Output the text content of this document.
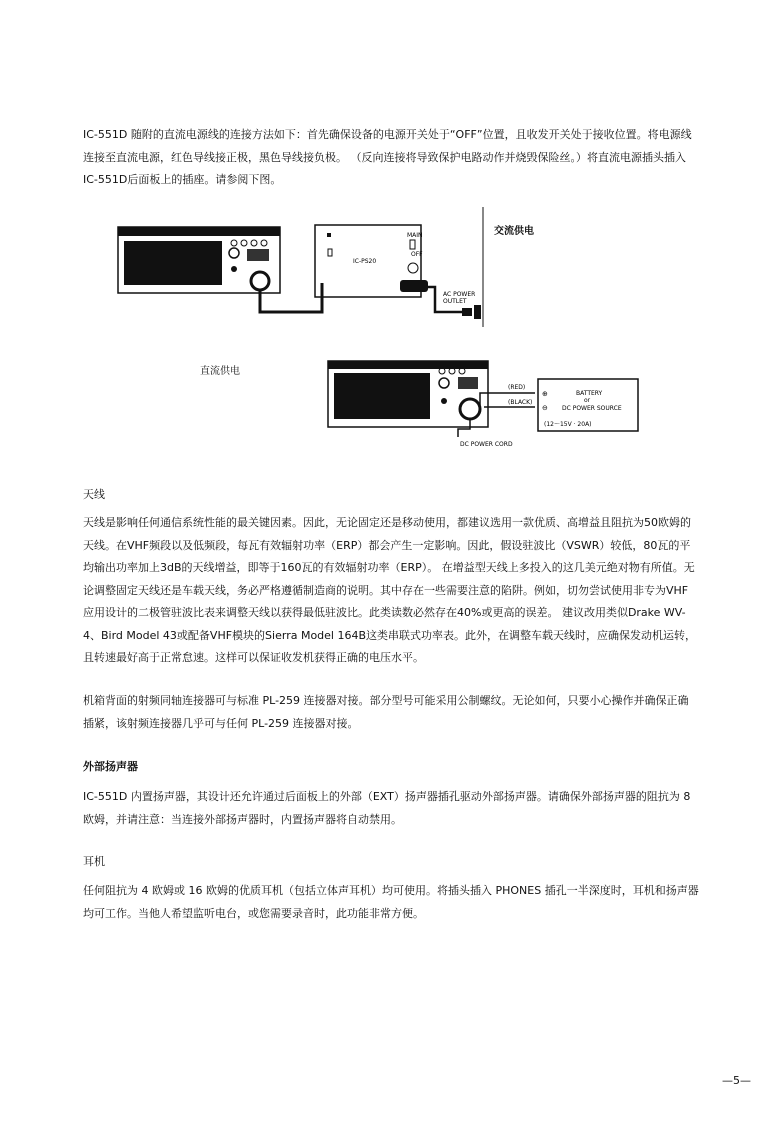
IC-551D 随附的直流电源线的连接方法如下：首先确保设备的电源开关处于“OFF”位置，且收发开关处于接收位置。将电源线连接至直流电源，红色导线接正极，黑色导线接负极。 （反向连接将导致保护电路动作并烧毁保险丝。）将直流电源插头插入IC-551D后面板上的插座。请参阅下图。

IC-PS20
MAIN
OFF
AC POWER
OUTLET

交流供电

直流供电

(RED)
(BLACK)
⊕
⊖
BATTERY
or
DC POWER SOURCE
(12～15V · 20A)
DC POWER CORD

天线

天线是影响任何通信系统性能的最关键因素。因此，无论固定还是移动使用，都建议选用一款优质、高增益且阻抗为50欧姆的天线。在VHF频段以及低频段，每瓦有效辐射功率（ERP）都会产生一定影响。因此，假设驻波比（VSWR）较低，80瓦的平均输出功率加上3dB的天线增益，即等于160瓦的有效辐射功率（ERP）。 在增益型天线上多投入的这几美元绝对物有所值。无论调整固定天线还是车载天线，务必严格遵循制造商的说明。其中存在一些需要注意的陷阱。例如，切勿尝试使用非专为VHF应用设计的二极管驻波比表来调整天线以获得最低驻波比。此类读数必然存在40%或更高的误差。 建议改用类似Drake WV-4、Bird Model 43或配备VHF模块的Sierra Model 164B这类串联式功率表。此外，在调整车载天线时，应确保发动机运转，且转速最好高于正常怠速。这样可以保证收发机获得正确的电压水平。

机箱背面的射频同轴连接器可与标准 PL-259 连接器对接。部分型号可能采用公制螺纹。无论如何，只要小心操作并确保正确插紧，该射频连接器几乎可与任何 PL-259 连接器对接。

外部扬声器

IC-551D 内置扬声器，其设计还允许通过后面板上的外部（EXT）扬声器插孔驱动外部扬声器。请确保外部扬声器的阻抗为 8 欧姆，并请注意：当连接外部扬声器时，内置扬声器将自动禁用。

耳机

任何阻抗为 4 欧姆或 16 欧姆的优质耳机（包括立体声耳机）均可使用。将插头插入 PHONES 插孔一半深度时，耳机和扬声器均可工作。当他人希望监听电台，或您需要录音时，此功能非常方便。

—5—
